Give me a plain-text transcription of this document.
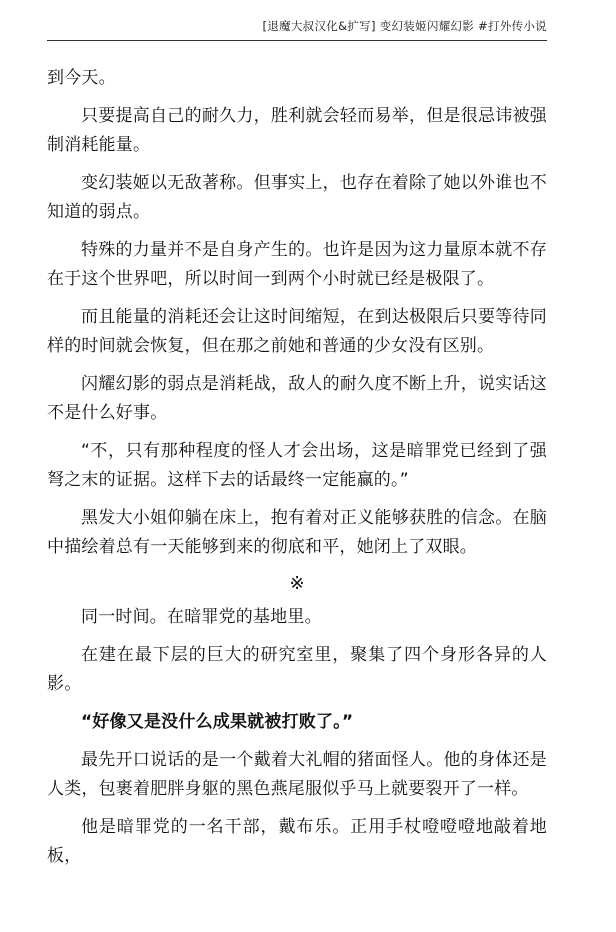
[退魔大叔汉化&扩写] 变幻装姬闪耀幻影 #打外传小说

到今天。

只要提高自己的耐久力，胜利就会轻而易举，但是很忌讳被强制消耗能量。

变幻装姬以无敌著称。但事实上，也存在着除了她以外谁也不知道的弱点。

特殊的力量并不是自身产生的。也许是因为这力量原本就不存在于这个世界吧，所以时间一到两个小时就已经是极限了。

而且能量的消耗还会让这时间缩短，在到达极限后只要等待同样的时间就会恢复，但在那之前她和普通的少女没有区别。

闪耀幻影的弱点是消耗战，敌人的耐久度不断上升，说实话这不是什么好事。

“不，只有那种程度的怪人才会出场，这是暗罪党已经到了强弩之末的证据。这样下去的话最终一定能赢的。”

黑发大小姐仰躺在床上，抱有着对正义能够获胜的信念。在脑中描绘着总有一天能够到来的彻底和平，她闭上了双眼。

※

同一时间。在暗罪党的基地里。

在建在最下层的巨大的研究室里，聚集了四个身形各异的人影。

“好像又是没什么成果就被打败了。”

最先开口说话的是一个戴着大礼帽的猪面怪人。他的身体还是人类，包裹着肥胖身躯的黑色燕尾服似乎马上就要裂开了一样。

他是暗罪党的一名干部，戴布乐。正用手杖噔噔噔地敲着地板，
